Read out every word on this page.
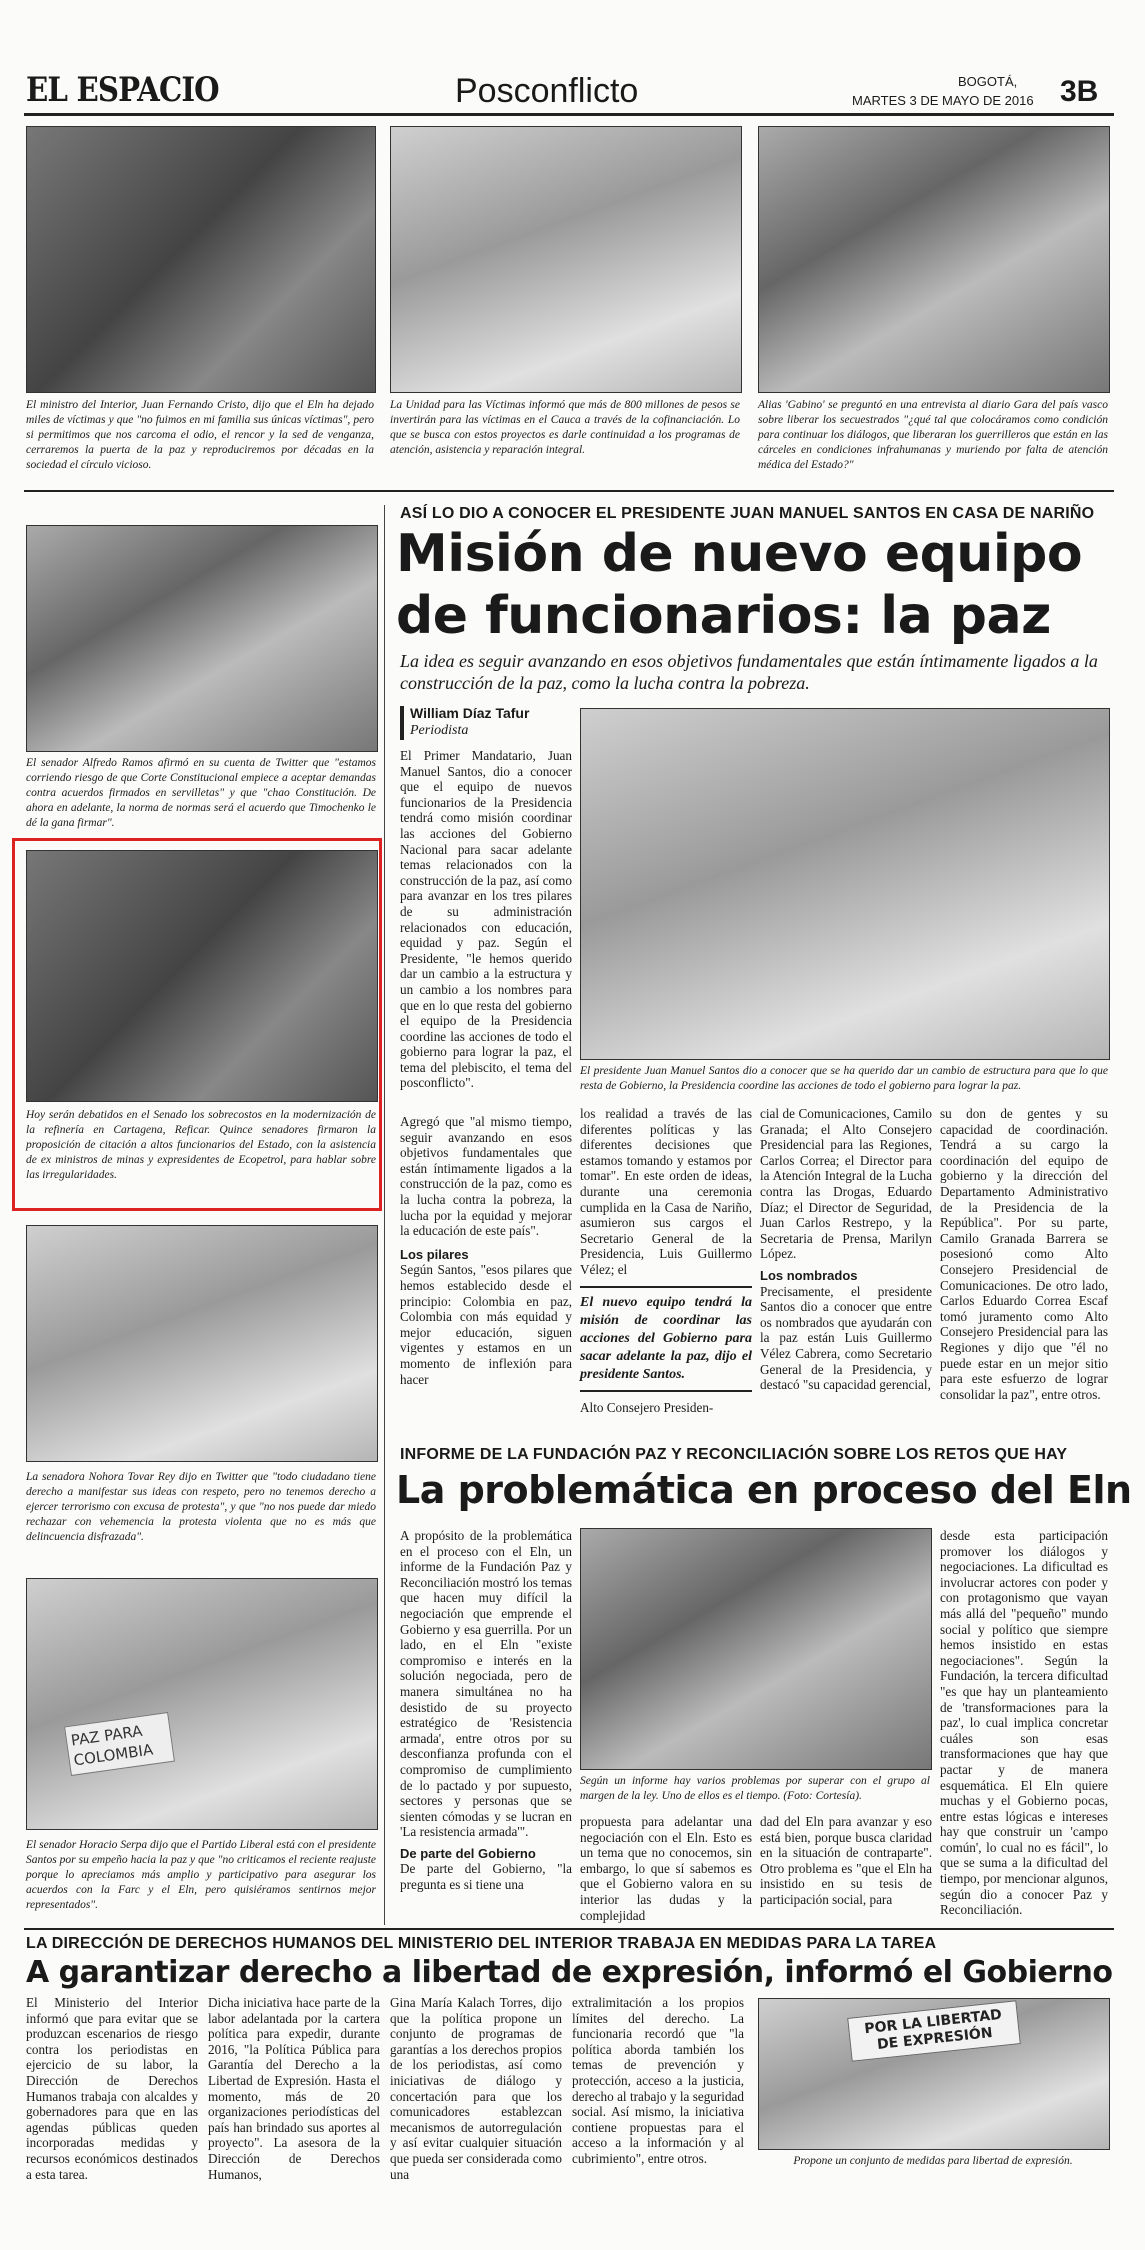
EL ESPACIO	Posconflicto	BOGOTÁ,
MARTES 3 DE MAYO DE 2016 3B
El ministro del Interior, Juan Fernando Cristo, dijo que el Eln ha dejado miles de víctimas y que "no fuimos en mi familia sus únicas víctimas", pero si permitimos que nos carcoma el odio, el rencor y la sed de venganza, cerraremos la puerta de la paz y reproduciremos por décadas en la sociedad el círculo vicioso.
La Unidad para las Víctimas informó que más de 800 millones de pesos se invertirán para las víctimas en el Cauca a través de la cofinanciación. Lo que se busca con estos proyectos es darle continuidad a los programas de atención, asistencia y reparación integral.
Alias 'Gabino' se preguntó en una entrevista al diario Gara del país vasco sobre liberar los secuestrados "¿qué tal que colocáramos como condición para continuar los diálogos, que liberaran los guerrilleros que están en las cárceles en condiciones infrahumanas y muriendo por falta de atención médica del Estado?"
El senador Alfredo Ramos afirmó en su cuenta de Twitter que "estamos corriendo riesgo de que Corte Constitucional empiece a aceptar demandas contra acuerdos firmados en servilletas" y que "chao Constitución. De ahora en adelante, la norma de normas será el acuerdo que Timochenko le dé la gana firmar".
Hoy serán debatidos en el Senado los sobrecostos en la modernización de la refinería en Cartagena, Reficar. Quince senadores firmaron la proposición de citación a altos funcionarios del Estado, con la asistencia de ex ministros de minas y expresidentes de Ecopetrol, para hablar sobre las irregularidades.
La senadora Nohora Tovar Rey dijo en Twitter que "todo ciudadano tiene derecho a manifestar sus ideas con respeto, pero no tenemos derecho a ejercer terrorismo con excusa de protesta", y que "no nos puede dar miedo rechazar con vehemencia la protesta violenta que no es más que delincuencia disfrazada".
PAZ PARA COLOMBIA
El senador Horacio Serpa dijo que el Partido Liberal está con el presidente Santos por su empeño hacia la paz y que "no criticamos el reciente reajuste porque lo apreciamos más amplio y participativo para asegurar los acuerdos con la Farc y el Eln, pero quisiéramos sentirnos mejor representados".
ASÍ LO DIO A CONOCER EL PRESIDENTE JUAN MANUEL SANTOS EN CASA DE NARIÑO
Misión de nuevo equipo
de funcionarios: la paz
La idea es seguir avanzando en esos objetivos fundamentales que están íntimamente ligados a la construcción de la paz, como la lucha contra la pobreza.
William Díaz Tafur
Periodista
El Primer Mandatario, Juan Manuel Santos, dio a conocer que el equipo de nuevos funcionarios de la Presidencia tendrá como misión coordinar las acciones del Gobierno Nacional para sacar adelante temas relacionados con la construcción de la paz, así como para avanzar en los tres pilares de su administración relacionados con educación, equidad y paz. Según el Presidente, "le hemos querido dar un cambio a la estructura y un cambio a los nombres para que en lo que resta del gobierno el equipo de la Presidencia coordine las acciones de todo el gobierno para lograr la paz, el tema del plebiscito, el tema del posconflicto".
El presidente Juan Manuel Santos dio a conocer que se ha querido dar un cambio de estructura para que lo que resta de Gobierno, la Presidencia coordine las acciones de todo el gobierno para lograr la paz.

Agregó que "al mismo tiempo, seguir avanzando en esos objetivos fundamentales que están íntimamente ligados a la construcción de la paz, como es la lucha contra la pobreza, la lucha por la equidad y mejorar la educación de este país".

Los pilares

Según Santos, "esos pilares que hemos establecido desde el principio: Colombia en paz, Colombia con más equidad y mejor educación, siguen vigentes y estamos en un momento de inflexión para hacer

los realidad a través de las diferentes políticas y las diferentes decisiones que estamos tomando y estamos por tomar". En este orden de ideas, durante una ceremonia cumplida en la Casa de Nariño, asumieron sus cargos el Secretario General de la Presidencia, Luis Guillermo Vélez; el

El nuevo equipo tendrá la misión de coordinar las acciones del Gobierno para sacar adelante la paz, dijo el presidente Santos.

Alto Consejero Presiden-

cial de Comunicaciones, Camilo Granada; el Alto Consejero Presidencial para las Regiones, Carlos Correa; el Director para la Atención Integral de la Lucha contra las Drogas, Eduardo Díaz; el Director de Seguridad, Juan Carlos Restrepo, y la Secretaria de Prensa, Marilyn López.

Los nombrados

Precisamente, el presidente Santos dio a conocer que entre os nombrados que ayudarán con la paz están Luis Guillermo Vélez Cabrera, como Secretario General de la Presidencia, y destacó "su capacidad gerencial,

su don de gentes y su capacidad de coordinación. Tendrá a su cargo la coordinación del equipo de gobierno y la dirección del Departamento Administrativo de la Presidencia de la República". Por su parte, Camilo Granada Barrera se posesionó como Alto Consejero Presidencial de Comunicaciones. De otro lado, Carlos Eduardo Correa Escaf tomó juramento como Alto Consejero Presidencial para las Regiones y dijo que "él no puede estar en un mejor sitio para este esfuerzo de lograr consolidar la paz", entre otros.
INFORME DE LA FUNDACIÓN PAZ Y RECONCILIACIÓN SOBRE LOS RETOS QUE HAY
La problemática en proceso del Eln

A propósito de la problemática en el proceso con el Eln, un informe de la Fundación Paz y Reconciliación mostró los temas que hacen muy difícil la negociación que emprende el Gobierno y esa guerrilla. Por un lado, en el Eln "existe compromiso e interés en la solución negociada, pero de manera simultánea no ha desistido de su proyecto estratégico de 'Resistencia armada', entre otros por su desconfianza profunda con el compromiso de cumplimiento de lo pactado y por supuesto, sectores y personas que se sienten cómodas y se lucran en 'La resistencia armada'".

De parte del Gobierno

De parte del Gobierno, "la pregunta es si tiene una

Según un informe hay varios problemas por superar con el grupo al margen de la ley. Uno de ellos es el tiempo. (Foto: Cortesía).
propuesta para adelantar una negociación con el Eln. Esto es un tema que no conocemos, sin embargo, lo que sí sabemos es que el Gobierno valora en su interior las dudas y la complejidad
dad del Eln para avanzar y eso está bien, porque busca claridad en la situación de contraparte". Otro problema es "que el Eln ha insistido en su tesis de participación social, para
desde esta participación promover los diálogos y negociaciones. La dificultad es involucrar actores con poder y con protagonismo que vayan más allá del "pequeño" mundo social y político que siempre hemos insistido en estas negociaciones". Según la Fundación, la tercera dificultad "es que hay un planteamiento de 'transformaciones para la paz', lo cual implica concretar cuáles son esas transformaciones que hay que pactar y de manera esquemática. El Eln quiere muchas y el Gobierno pocas, entre estas lógicas e intereses hay que construir un 'campo común', lo cual no es fácil", lo que se suma a la dificultad del tiempo, por mencionar algunos, según dio a conocer Paz y Reconciliación.
LA DIRECCIÓN DE DERECHOS HUMANOS DEL MINISTERIO DEL INTERIOR TRABAJA EN MEDIDAS PARA LA TAREA
A garantizar derecho a libertad de expresión, informó el Gobierno
El Ministerio del Interior informó que para evitar que se produzcan escenarios de riesgo contra los periodistas en ejercicio de su labor, la Dirección de Derechos Humanos trabaja con alcaldes y gobernadores para que en las agendas públicas queden incorporadas medidas y recursos económicos destinados a esta tarea.
Dicha iniciativa hace parte de la labor adelantada por la cartera política para expedir, durante 2016, "la Política Pública para Garantía del Derecho a la Libertad de Expresión. Hasta el momento, más de 20 organizaciones periodísticas del país han brindado sus aportes al proyecto". La asesora de la Dirección de Derechos Humanos,
Gina María Kalach Torres, dijo que la política propone un conjunto de programas de garantías a los derechos propios de los periodistas, así como iniciativas de diálogo y concertación para que los comunicadores establezcan mecanismos de autorregulación y así evitar cualquier situación que pueda ser considerada como una
extralimitación a los propios límites del derecho. La funcionaria recordó que "la política aborda también los temas de prevención y protección, acceso a la justicia, derecho al trabajo y la seguridad social. Así mismo, la iniciativa contiene propuestas para el acceso a la información y al cubrimiento", entre otros.
POR LA LIBERTAD DE EXPRESIÓN
Propone un conjunto de medidas para libertad de expresión.
